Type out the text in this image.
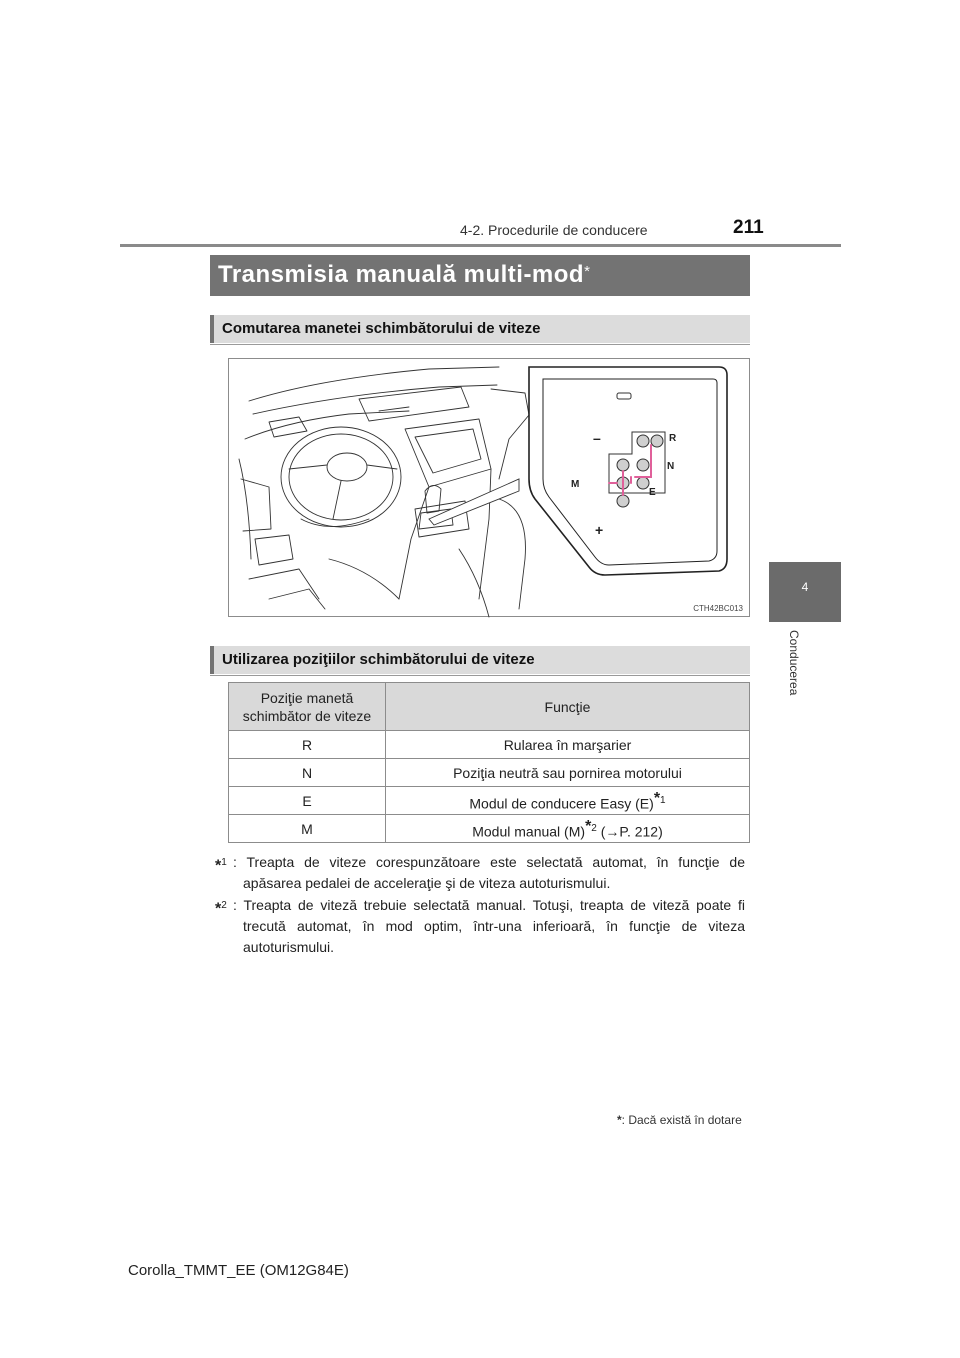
4-2. Procedurile de conducere	211
4
Conducerea
Transmisia manuală multi-mod*
Comutarea manetei schimbătorului de viteze
–
+
R
N
E
M
CTH42BC013
Utilizarea poziţiilor schimbătorului de viteze
Poziţie manetă schimbător de viteze	Funcţie
R	Rularea în marşarier
N	Poziţia neutră sau pornirea motorului
E	Modul de conducere Easy $(E)^{*1}$
M	Modul manual $(M)^{*2}$ (→P. 212)
*$^1$ : Treapta de viteze corespunzătoare este selectată automat, în funcţie de apăsarea pedalei de acceleraţie şi de viteza autoturismului.
*$^2$ : Treapta de viteză trebuie selectată manual. Totuşi, treapta de viteză poate fi trecută automat, în mod optim, într-una inferioară, în funcţie de viteza autoturismului.
*: Dacă există în dotare
Corolla_TMMT_EE (OM12G84E)
